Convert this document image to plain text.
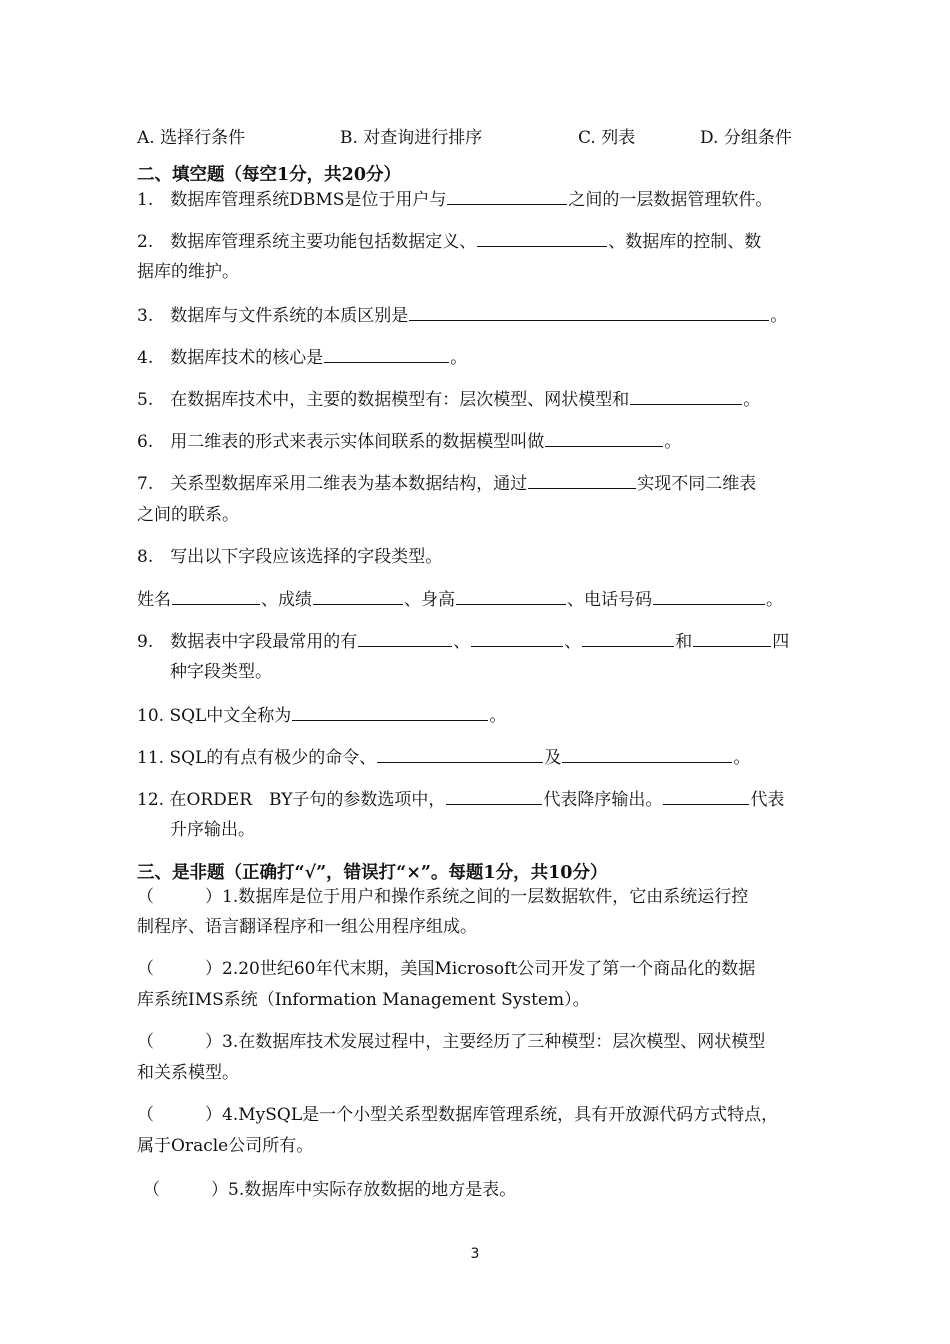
A. 选择行条件	B. 对查询进行排序	C. 列表	D. 分组条件
二、填空题（每空1分，共20分）
1.　数据库管理系统DBMS是位于用户与	之间的一层数据管理软件。
2.　数据库管理系统主要功能包括数据定义、	、数据库的控制、数
据库的维护。
3.　数据库与文件系统的本质区别是	。
4.　数据库技术的核心是	。
5.　在数据库技术中，主要的数据模型有：层次模型、网状模型和	。
6.　用二维表的形式来表示实体间联系的数据模型叫做	。
7.　关系型数据库采用二维表为基本数据结构，通过	实现不同二维表
之间的联系。
8.　写出以下字段应该选择的字段类型。
姓名	、成绩	、身高	、电话号码	。
9.　数据表中字段最常用的有	、	、	和	四
种字段类型。
10. SQL中文全称为	。
11. SQL的有点有极少的命令、	及	。
12. 在ORDER　BY子句的参数选项中，	代表降序输出。	代表
升序输出。
三、是非题（正确打“√”，错误打“×”。每题1分，共10分）
（　　　）1.数据库是位于用户和操作系统之间的一层数据软件，它由系统运行控
制程序、语言翻译程序和一组公用程序组成。
（　　　）2.20世纪60年代末期，美国Microsoft公司开发了第一个商品化的数据
库系统IMS系统（Information Management System）。
（　　　）3.在数据库技术发展过程中，主要经历了三种模型：层次模型、网状模型
和关系模型。
（　　　）4.MySQL是一个小型关系型数据库管理系统，具有开放源代码方式特点，
属于Oracle公司所有。
（　　　）5.数据库中实际存放数据的地方是表。
3
